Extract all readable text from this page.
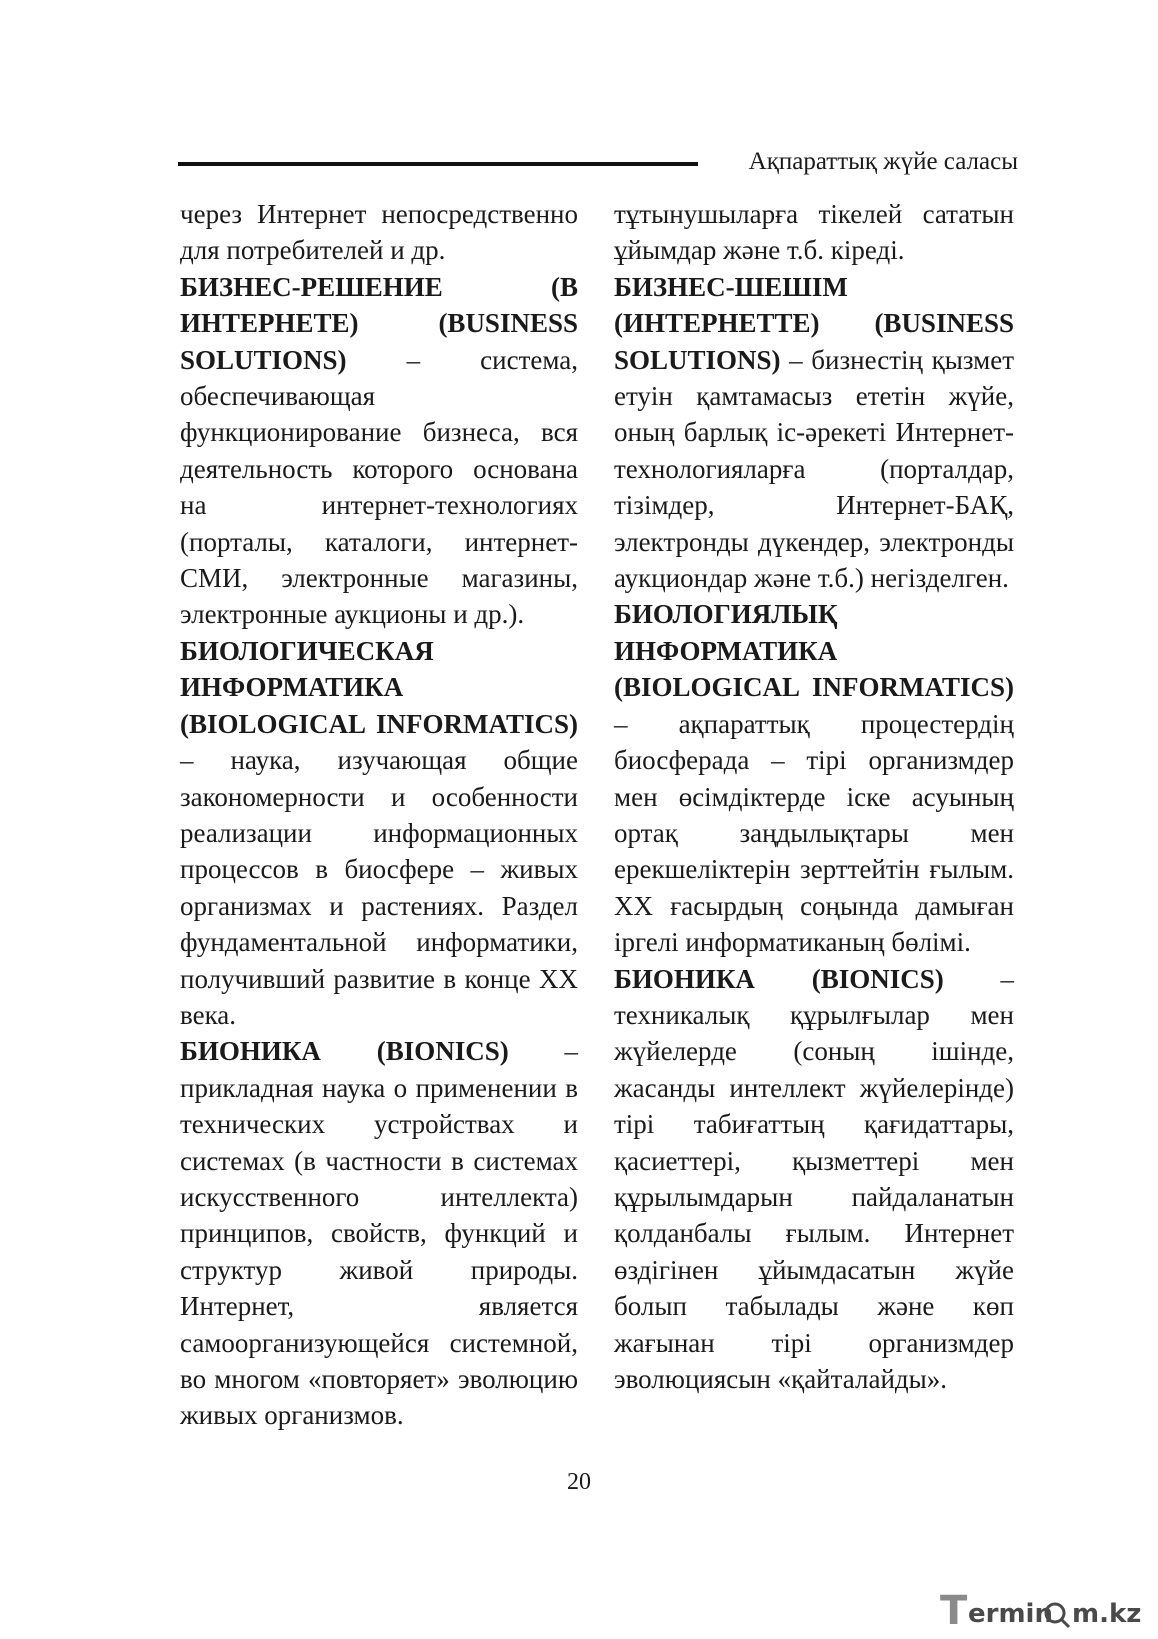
Ақпараттық жүйе саласы

через Интернет непосредственно для потребителей и др.

БИЗНЕС-РЕШЕНИЕ (В ИНТЕРНЕТЕ) (BUSINESS SOLUTIONS) – система, обеспечивающая функционирование бизнеса, вся деятельность которого основана на интернет-технологиях (порталы, каталоги, интернет-СМИ, электронные магазины, электронные аукционы и др.).

БИОЛОГИЧЕСКАЯ ИНФОРМАТИКА (BIOLOGICAL INFORMATICS) – наука, изучающая общие закономерности и особенности реализации информационных процессов в биосфере – живых организмах и растениях. Раздел фундаментальной информатики, получивший развитие в конце XX века.

БИОНИКА (BIONICS) – прикладная наука о применении в технических устройствах и системах (в частности в системах искусственного интеллекта) принципов, свойств, функций и структур живой природы. Интернет, является самоорганизующейся системной, во многом «повторяет» эволюцию живых организмов.

тұтынушыларға тікелей сататын ұйымдар және т.б. кіреді.

БИЗНЕС-ШЕШІМ (ИНТЕРНЕТТЕ) (BUSINESS SOLUTIONS) – бизнестің қызмет етуін қамтамасыз ететін жүйе, оның барлық іс-әрекеті Интернет-технологияларға (порталдар, тізімдер, Интернет-БАҚ, электронды дүкендер, электронды аукциондар және т.б.) негізделген.

БИОЛОГИЯЛЫҚ ИНФОРМАТИКА (BIOLOGICAL INFORMATICS) – ақпараттық процестердің биосферада – тірі организмдер мен өсімдіктерде іске асуының ортақ заңдылықтары мен ерекшеліктерін зерттейтін ғылым. XX ғасырдың соңында дамыған іргелі информатиканың бөлімі.

БИОНИКА (BIONICS) – техникалық құрылғылар мен жүйелерде (соның ішінде, жасанды интеллект жүйелерінде) тірі табиғаттың қағидаттары, қасиеттері, қызметтері мен құрылымдарын пайдаланатын қолданбалы ғылым. Интернет өздігінен ұйымдасатын жүйе болып табылады және көп жағынан тірі организмдер эволюциясын «қайталайды».

20
T ermin m.kz
